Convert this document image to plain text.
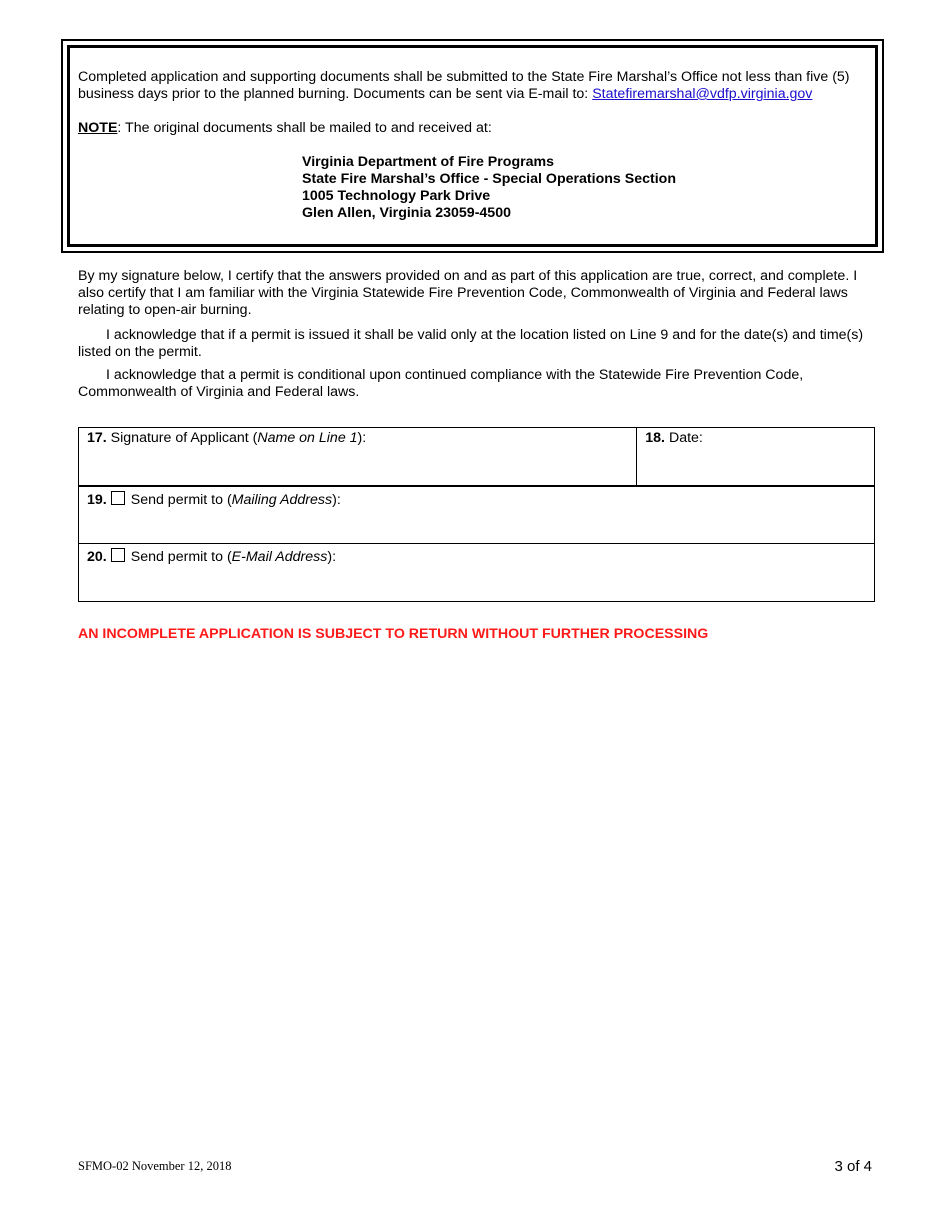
Completed application and supporting documents shall be submitted to the State Fire Marshal’s Office not less than five (5) business days prior to the planned burning. Documents can be sent via E-mail to: Statefiremarshal@vdfp.virginia.gov

NOTE: The original documents shall be mailed to and received at:

Virginia Department of Fire Programs
State Fire Marshal’s Office - Special Operations Section
1005 Technology Park Drive
Glen Allen, Virginia 23059-4500

By my signature below, I certify that the answers provided on and as part of this application are true, correct, and complete. I also certify that I am familiar with the Virginia Statewide Fire Prevention Code, Commonwealth of Virginia and Federal laws relating to open-air burning.

I acknowledge that if a permit is issued it shall be valid only at the location listed on Line 9 and for the date(s) and time(s) listed on the permit.

I acknowledge that a permit is conditional upon continued compliance with the Statewide Fire Prevention Code, Commonwealth of Virginia and Federal laws.

17. Signature of Applicant (Name on Line 1):	18. Date:
19. Send permit to (Mailing Address):
20. Send permit to (E-Mail Address):
AN INCOMPLETE APPLICATION IS SUBJECT TO RETURN WITHOUT FURTHER PROCESSING
SFMO-02 November 12, 2018	3 of 4
